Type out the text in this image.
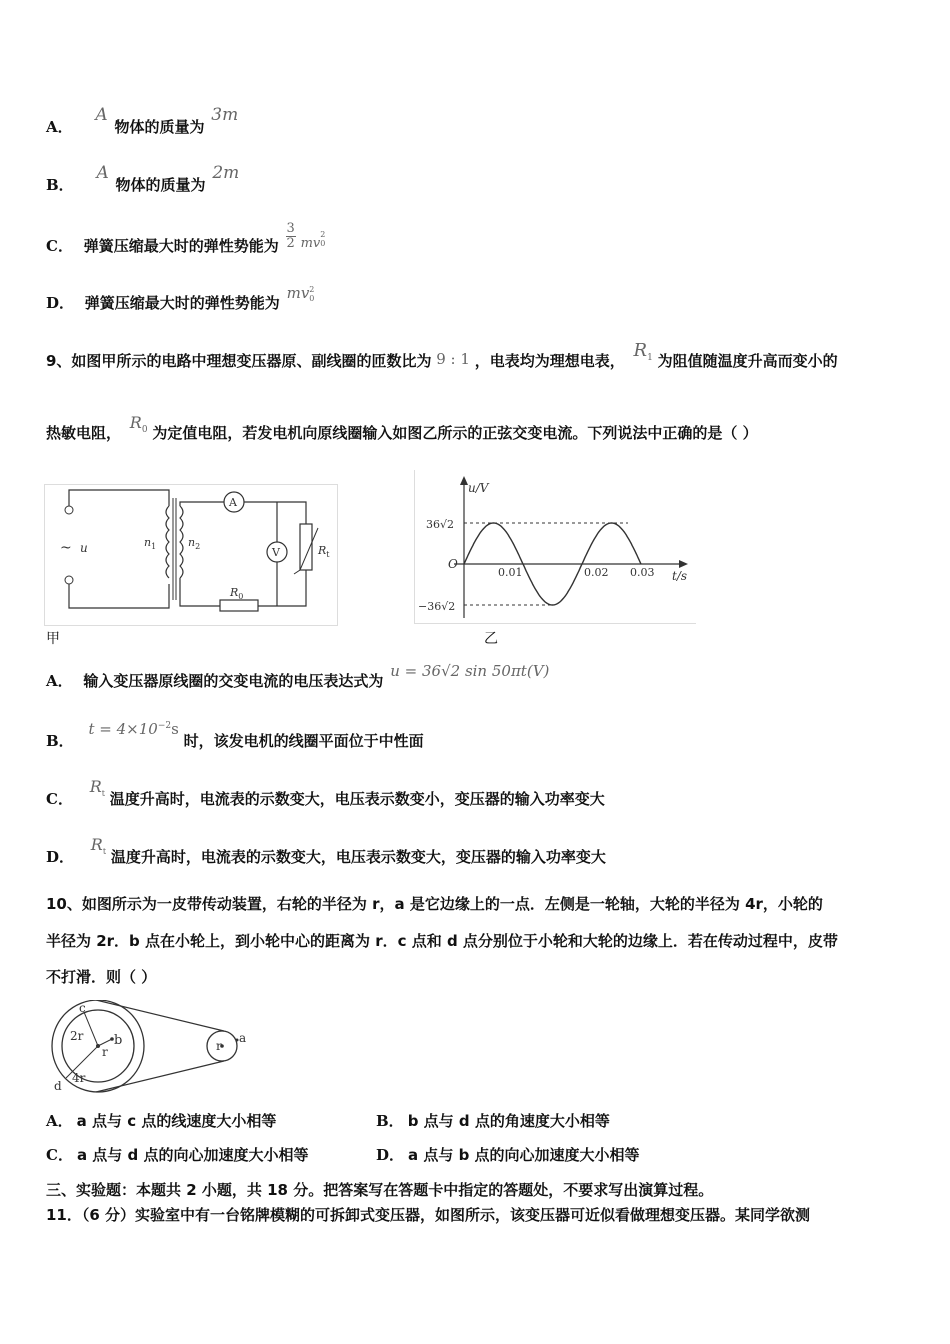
A． A 物体的质量为 3m
B． A 物体的质量为 2m
C． 弹簧压缩最大时的弹性势能为 $\frac{3}{2}$ mv
2
0
D． 弹簧压缩最大时的弹性势能为 mv 2
0
9、如图甲所示的电路中理想变压器原、副线圈的匝数比为 9 : 1 ，电表均为理想电表， $R_1$ 为阻值随温度升高而变小的
热敏电阻， $R_0$ 为定值电阻，若发电机向原线圈输入如图乙所示的正弦交变电流。下列说法中正确的是（ ）
~ u	$n_1$	$n_2$
A
$R_0$
V	$R_t$
甲
u/V
t/s
O
36√2
−36√2
0.01	0.02 0.03
乙
A． 输入变压器原线圈的交变电流的电压表达式为 u = 36√2 sin 50πt(V)
B． $t = 4\times 10^{-2}s$ 时，该发电机的线圈平面位于中性面
C． $R_t$ 温度升高时，电流表的示数变大，电压表示数变小，变压器的输入功率变大
D． $R_t$ 温度升高时，电流表的示数变大，电压表示数变大，变压器的输入功率变大
10、如图所示为一皮带传动装置，右轮的半径为 r，a 是它边缘上的一点．左侧是一轮轴，大轮的半径为 4r，小轮的
半径为 2r．b 点在小轮上，到小轮中心的距离为 r．c 点和 d 点分别位于小轮和大轮的边缘上．若在传动过程中，皮带
不打滑．则（ ）
c
d
b	a
2r
r
4r
r
A． a 点与 c 点的线速度大小相等	B． b 点与 d 点的角速度大小相等
C． a 点与 d 点的向心加速度大小相等	D． a 点与 b 点的向心加速度大小相等
三、实验题：本题共 2 小题，共 18 分。把答案写在答题卡中指定的答题处，不要求写出演算过程。
11．（6 分）实验室中有一台铭牌模糊的可拆卸式变压器，如图所示，该变压器可近似看做理想变压器。某同学欲测
